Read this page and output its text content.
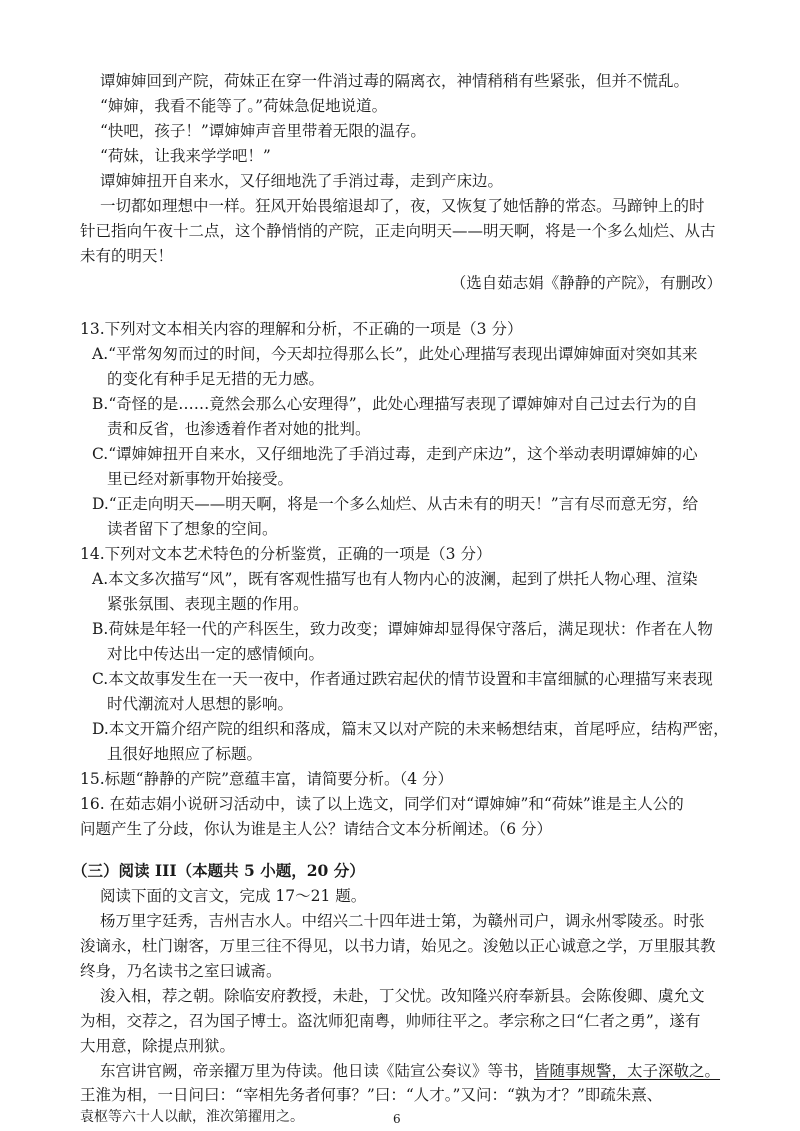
谭婶婶回到产院，荷妹正在穿一件消过毒的隔离衣，神情稍稍有些紧张，但并不慌乱。
“婶婶，我看不能等了。”荷妹急促地说道。
“快吧，孩子！”谭婶婶声音里带着无限的温存。
“荷妹，让我来学学吧！”
谭婶婶扭开自来水，又仔细地洗了手消过毒，走到产床边。
一切都如理想中一样。狂风开始畏缩退却了，夜，又恢复了她恬静的常态。马蹄钟上的时
针已指向午夜十二点，这个静悄悄的产院，正走向明天——明天啊，将是一个多么灿烂、从古
未有的明天！
（选自茹志娟《静静的产院》，有删改）
13.下列对文本相关内容的理解和分析，不正确的一项是（3 分）
A.“平常匆匆而过的时间，今天却拉得那么长”，此处心理描写表现出谭婶婶面对突如其来
的变化有种手足无措的无力感。
B.“奇怪的是……竟然会那么心安理得”，此处心理描写表现了谭婶婶对自己过去行为的自
责和反省，也渗透着作者对她的批判。
C.“谭婶婶扭开自来水，又仔细地洗了手消过毒，走到产床边”，这个举动表明谭婶婶的心
里已经对新事物开始接受。
D.“正走向明天——明天啊，将是一个多么灿烂、从古未有的明天！”言有尽而意无穷，给
读者留下了想象的空间。
14.下列对文本艺术特色的分析鉴赏，正确的一项是（3 分）
A.本文多次描写“风”，既有客观性描写也有人物内心的波澜，起到了烘托人物心理、渲染
紧张氛围、表现主题的作用。
B.荷妹是年轻一代的产科医生，致力改变；谭婶婶却显得保守落后，满足现状：作者在人物
对比中传达出一定的感情倾向。
C.本文故事发生在一天一夜中，作者通过跌宕起伏的情节设置和丰富细腻的心理描写来表现
时代潮流对人思想的影响。
D.本文开篇介绍产院的组织和落成，篇末又以对产院的未来畅想结束，首尾呼应，结构严密，
且很好地照应了标题。
15.标题“静静的产院”意蕴丰富，请简要分析。（4 分）
16. 在茹志娟小说研习活动中，读了以上选文，同学们对“谭婶婶”和“荷妹”谁是主人公的
问题产生了分歧，你认为谁是主人公？请结合文本分析阐述。（6 分）
（三）阅读 III（本题共 5 小题，20 分）
阅读下面的文言文，完成 17～21 题。
杨万里字廷秀，吉州吉水人。中绍兴二十四年进士第，为赣州司户，调永州零陵丞。时张
浚谪永，杜门谢客，万里三往不得见，以书力请，始见之。浚勉以正心诚意之学，万里服其教
终身，乃名读书之室曰诚斋。
浚入相，荐之朝。除临安府教授，未赴，丁父忧。改知隆兴府奉新县。会陈俊卿、虞允文
为相，交荐之，召为国子博士。盗沈师犯南粤，帅师往平之。孝宗称之曰“仁者之勇”，遂有
大用意，除提点刑狱。
东宫讲官阙，帝亲擢万里为侍读。他日读《陆宣公奏议》等书，皆随事规警，太子深敬之。
王淮为相，一日问曰：“宰相先务者何事？”曰：“人才。”又问：“孰为才？”即疏朱熹、
袁枢等六十人以献，淮次第擢用之。	6
